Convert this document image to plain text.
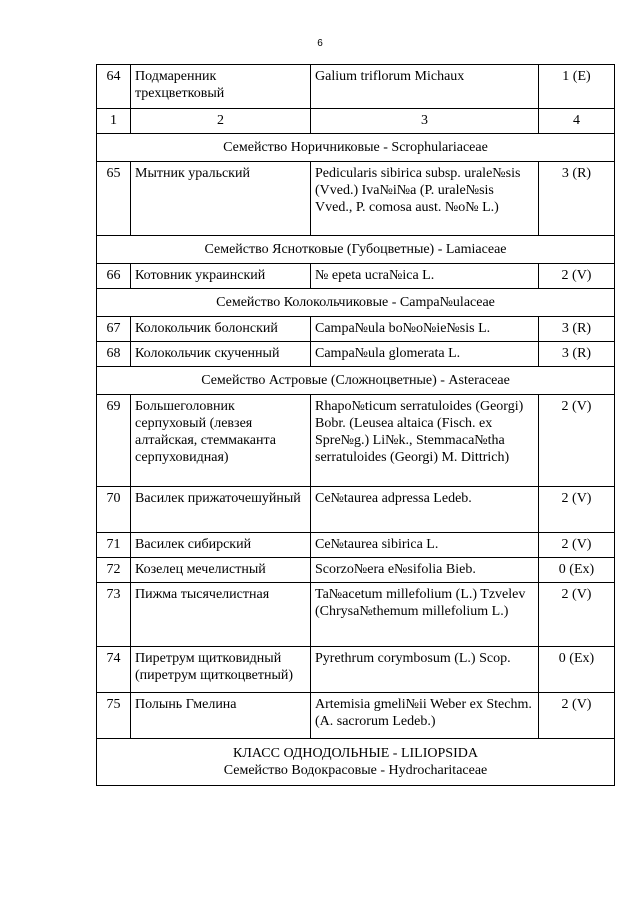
6
64	Подмаренник трехцветковый	Galium triflorum Michaux	1 (E)
1	2	3	4
Семейство Норичниковые - Scrophulariaceae			
65	Мытник уральский	Pedicularis sibirica subsp. urale№sis (Vved.) Iva№i№a (P. urale№sis Vved., P. comosa aust. №o№ L.)	3 (R)
Семейство Яснотковые (Губоцветные) - Lamiaceae			
66	Котовник украинский	№ epeta ucra№ica L.	2 (V)
Семейство Колокольчиковые - Campa№ulaceae			
67	Колокольчик болонский	Campa№ula bo№o№ie№sis L.	3 (R)
68	Колокольчик скученный	Campa№ula glomerata L.	3 (R)
Семейство Астровые (Сложноцветные) - Asteraceae			
69	Большеголовник серпуховый (левзея алтайская, стеммаканта серпуховидная)	Rhapo№ticum serratuloides (Georgi) Bobr. (Leusea altaica (Fisch. ex Spre№g.) Li№k., Stemmaca№tha serratuloides (Georgi) M. Dittrich)	2 (V)
70	Василек прижаточешуйный	Ce№taurea adpressa Ledeb.	2 (V)
71	Василек сибирский	Ce№taurea sibirica L.	2 (V)
72	Козелец мечелистный	Scorzo№era e№sifolia Bieb.	0 (Ex)
73	Пижма тысячелистная	Ta№acetum millefolium (L.) Tzvelev (Chrysa№themum millefolium L.)	2 (V)
74	Пиретрум щитковидный (пиретрум щиткоцветный)	Pyrethrum corymbosum (L.) Scop.	0 (Ex)
75	Полынь Гмелина	Artemisia gmeli№ii Weber ex Stechm. (A. sacrorum Ledeb.)	2 (V)

КЛАСС ОДНОДОЛЬНЫЕ - LILIOPSIDA
Семейство Водокрасовые - Hydrocharitaceae			
